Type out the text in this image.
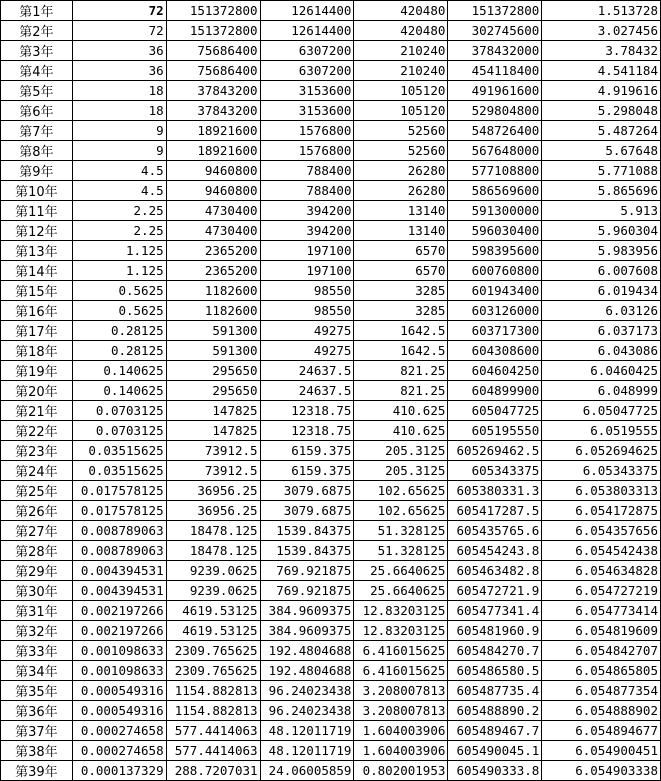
第1年	72	151372800	12614400	420480	151372800	1.513728
第2年	72	151372800	12614400	420480	302745600	3.027456
第3年	36	75686400	6307200	210240	378432000	3.78432
第4年	36	75686400	6307200	210240	454118400	4.541184
第5年	18	37843200	3153600	105120	491961600	4.919616
第6年	18	37843200	3153600	105120	529804800	5.298048
第7年	9	18921600	1576800	52560	548726400	5.487264
第8年	9	18921600	1576800	52560	567648000	5.67648
第9年	4.5	9460800	788400	26280	577108800	5.771088
第10年	4.5	9460800	788400	26280	586569600	5.865696
第11年	2.25	4730400	394200	13140	591300000	5.913
第12年	2.25	4730400	394200	13140	596030400	5.960304
第13年	1.125	2365200	197100	6570	598395600	5.983956
第14年	1.125	2365200	197100	6570	600760800	6.007608
第15年	0.5625	1182600	98550	3285	601943400	6.019434
第16年	0.5625	1182600	98550	3285	603126000	6.03126
第17年	0.28125	591300	49275	1642.5	603717300	6.037173
第18年	0.28125	591300	49275	1642.5	604308600	6.043086
第19年	0.140625	295650	24637.5	821.25	604604250	6.0460425
第20年	0.140625	295650	24637.5	821.25	604899900	6.048999
第21年	0.0703125	147825	12318.75	410.625	605047725	6.05047725
第22年	0.0703125	147825	12318.75	410.625	605195550	6.0519555
第23年	0.03515625	73912.5	6159.375	205.3125	605269462.5	6.052694625
第24年	0.03515625	73912.5	6159.375	205.3125	605343375	6.05343375
第25年	0.017578125	36956.25	3079.6875	102.65625	605380331.3	6.053803313
第26年	0.017578125	36956.25	3079.6875	102.65625	605417287.5	6.054172875
第27年	0.008789063	18478.125	1539.84375	51.328125	605435765.6	6.054357656
第28年	0.008789063	18478.125	1539.84375	51.328125	605454243.8	6.054542438
第29年	0.004394531	9239.0625	769.921875	25.6640625	605463482.8	6.054634828
第30年	0.004394531	9239.0625	769.921875	25.6640625	605472721.9	6.054727219
第31年	0.002197266	4619.53125	384.9609375	12.83203125	605477341.4	6.054773414
第32年	0.002197266	4619.53125	384.9609375	12.83203125	605481960.9	6.054819609
第33年	0.001098633	2309.765625	192.4804688	6.416015625	605484270.7	6.054842707
第34年	0.001098633	2309.765625	192.4804688	6.416015625	605486580.5	6.054865805
第35年	0.000549316	1154.882813	96.24023438	3.208007813	605487735.4	6.054877354
第36年	0.000549316	1154.882813	96.24023438	3.208007813	605488890.2	6.054888902
第37年	0.000274658	577.4414063	48.12011719	1.604003906	605489467.7	6.054894677
第38年	0.000274658	577.4414063	48.12011719	1.604003906	605490045.1	6.054900451
第39年	0.000137329	288.7207031	24.06005859	0.802001953	605490333.8	6.054903338
